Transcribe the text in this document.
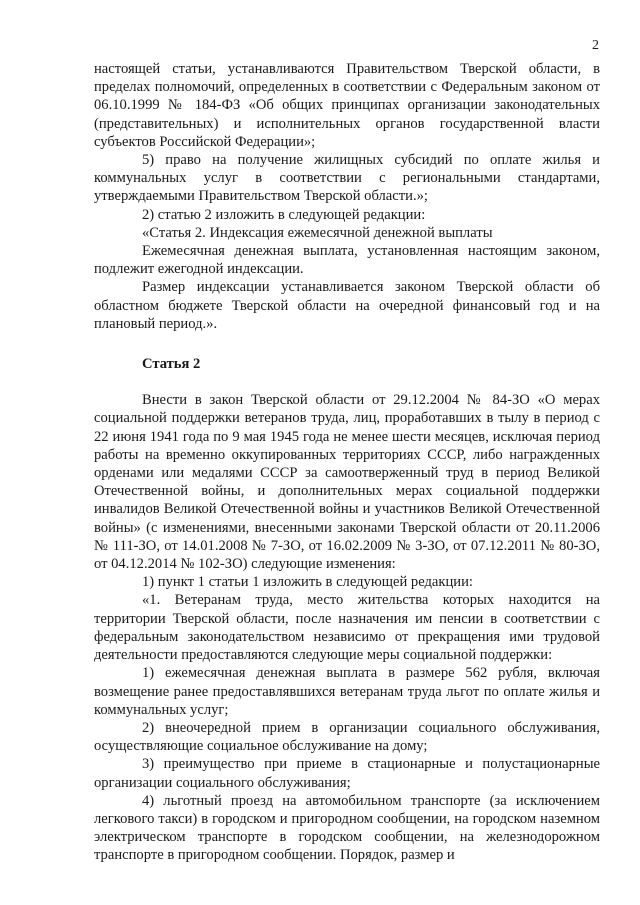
2

настоящей статьи, устанавливаются Правительством Тверской области, в пределах полномочий, определенных в соответствии с Федеральным законом от 06.10.1999 № 184-ФЗ «Об общих принципах организации законодательных (представительных) и исполнительных органов государственной власти субъектов Российской Федерации»;

5) право на получение жилищных субсидий по оплате жилья и коммунальных услуг в соответствии с региональными стандартами, утверждаемыми Правительством Тверской области.»;

2) статью 2 изложить в следующей редакции:

«Статья 2. Индексация ежемесячной денежной выплаты

Ежемесячная денежная выплата, установленная настоящим законом, подлежит ежегодной индексации.

Размер индексации устанавливается законом Тверской области об областном бюджете Тверской области на очередной финансовый год и на плановый период.».

Статья 2

Внести в закон Тверской области от 29.12.2004 № 84-ЗО «О мерах социальной поддержки ветеранов труда, лиц, проработавших в тылу в период с 22 июня 1941 года по 9 мая 1945 года не менее шести месяцев, исключая период работы на временно оккупированных территориях СССР, либо награжденных орденами или медалями СССР за самоотверженный труд в период Великой Отечественной войны, и дополнительных мерах социальной поддержки инвалидов Великой Отечественной войны и участников Великой Отечественной войны» (с изменениями, внесенными законами Тверской области от 20.11.2006 № 111-ЗО, от 14.01.2008 № 7-ЗО, от 16.02.2009 № 3-ЗО, от 07.12.2011 № 80-ЗО, от 04.12.2014 № 102-ЗО) следующие изменения:

1) пункт 1 статьи 1 изложить в следующей редакции:

«1. Ветеранам труда, место жительства которых находится на территории Тверской области, после назначения им пенсии в соответствии с федеральным законодательством независимо от прекращения ими трудовой деятельности предоставляются следующие меры социальной поддержки:

1) ежемесячная денежная выплата в размере 562 рубля, включая возмещение ранее предоставлявшихся ветеранам труда льгот по оплате жилья и коммунальных услуг;

2) внеочередной прием в организации социального обслуживания, осуществляющие социальное обслуживание на дому;

3) преимущество при приеме в стационарные и полустационарные организации социального обслуживания;

4) льготный проезд на автомобильном транспорте (за исключением легкового такси) в городском и пригородном сообщении, на городском наземном электрическом транспорте в городском сообщении, на железнодорожном транспорте в пригородном сообщении. Порядок, размер и
